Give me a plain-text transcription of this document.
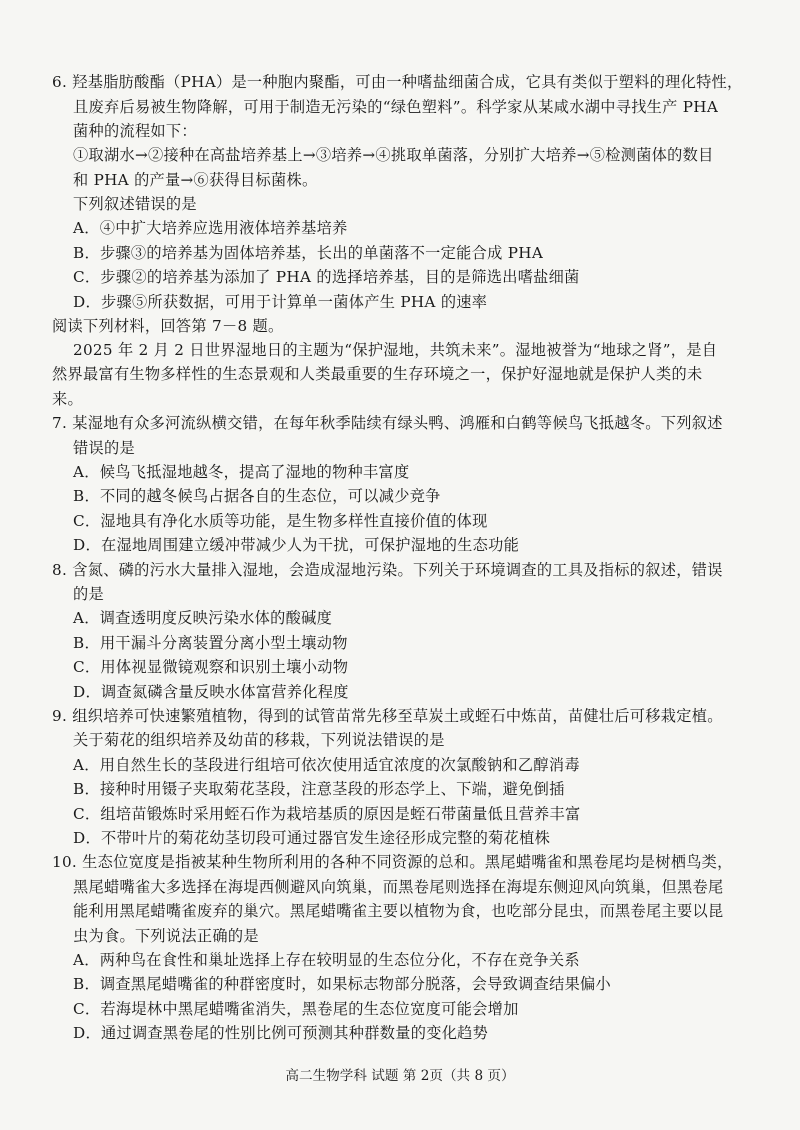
6. 羟基脂肪酸酯（PHA）是一种胞内聚酯，可由一种嗜盐细菌合成，它具有类似于塑料的理化特性，
且废弃后易被生物降解，可用于制造无污染的“绿色塑料”。科学家从某咸水湖中寻找生产 PHA
菌种的流程如下：
①取湖水→②接种在高盐培养基上→③培养→④挑取单菌落，分别扩大培养→⑤检测菌体的数目
和 PHA 的产量→⑥获得目标菌株。
下列叙述错误的是
A．④中扩大培养应选用液体培养基培养
B．步骤③的培养基为固体培养基，长出的单菌落不一定能合成 PHA
C．步骤②的培养基为添加了 PHA 的选择培养基，目的是筛选出嗜盐细菌
D．步骤⑤所获数据，可用于计算单一菌体产生 PHA 的速率
阅读下列材料，回答第 7－8 题。
2025 年 2 月 2 日世界湿地日的主题为“保护湿地，共筑未来”。湿地被誉为“地球之肾”，是自
然界最富有生物多样性的生态景观和人类最重要的生存环境之一，保护好湿地就是保护人类的未
来。
7. 某湿地有众多河流纵横交错，在每年秋季陆续有绿头鸭、鸿雁和白鹤等候鸟飞抵越冬。下列叙述
错误的是
A．候鸟飞抵湿地越冬，提高了湿地的物种丰富度
B．不同的越冬候鸟占据各自的生态位，可以减少竞争
C．湿地具有净化水质等功能，是生物多样性直接价值的体现
D．在湿地周围建立缓冲带减少人为干扰，可保护湿地的生态功能
8. 含氮、磷的污水大量排入湿地，会造成湿地污染。下列关于环境调查的工具及指标的叙述，错误
的是
A．调查透明度反映污染水体的酸碱度
B．用干漏斗分离装置分离小型土壤动物
C．用体视显微镜观察和识别土壤小动物
D．调查氮磷含量反映水体富营养化程度
9. 组织培养可快速繁殖植物，得到的试管苗常先移至草炭土或蛭石中炼苗，苗健壮后可移栽定植。
关于菊花的组织培养及幼苗的移栽，下列说法错误的是
A．用自然生长的茎段进行组培可依次使用适宜浓度的次氯酸钠和乙醇消毒
B．接种时用镊子夹取菊花茎段，注意茎段的形态学上、下端，避免倒插
C．组培苗锻炼时采用蛭石作为栽培基质的原因是蛭石带菌量低且营养丰富
D．不带叶片的菊花幼茎切段可通过器官发生途径形成完整的菊花植株
10. 生态位宽度是指被某种生物所利用的各种不同资源的总和。黑尾蜡嘴雀和黑卷尾均是树栖鸟类，
黑尾蜡嘴雀大多选择在海堤西侧避风向筑巢，而黑卷尾则选择在海堤东侧迎风向筑巢，但黑卷尾
能利用黑尾蜡嘴雀废弃的巢穴。黑尾蜡嘴雀主要以植物为食，也吃部分昆虫，而黑卷尾主要以昆
虫为食。下列说法正确的是
A．两种鸟在食性和巢址选择上存在较明显的生态位分化，不存在竞争关系
B．调查黑尾蜡嘴雀的种群密度时，如果标志物部分脱落，会导致调查结果偏小
C．若海堤林中黑尾蜡嘴雀消失，黑卷尾的生态位宽度可能会增加
D．通过调查黑卷尾的性别比例可预测其种群数量的变化趋势
高二生物学科 试题 第 2页（共 8 页）
